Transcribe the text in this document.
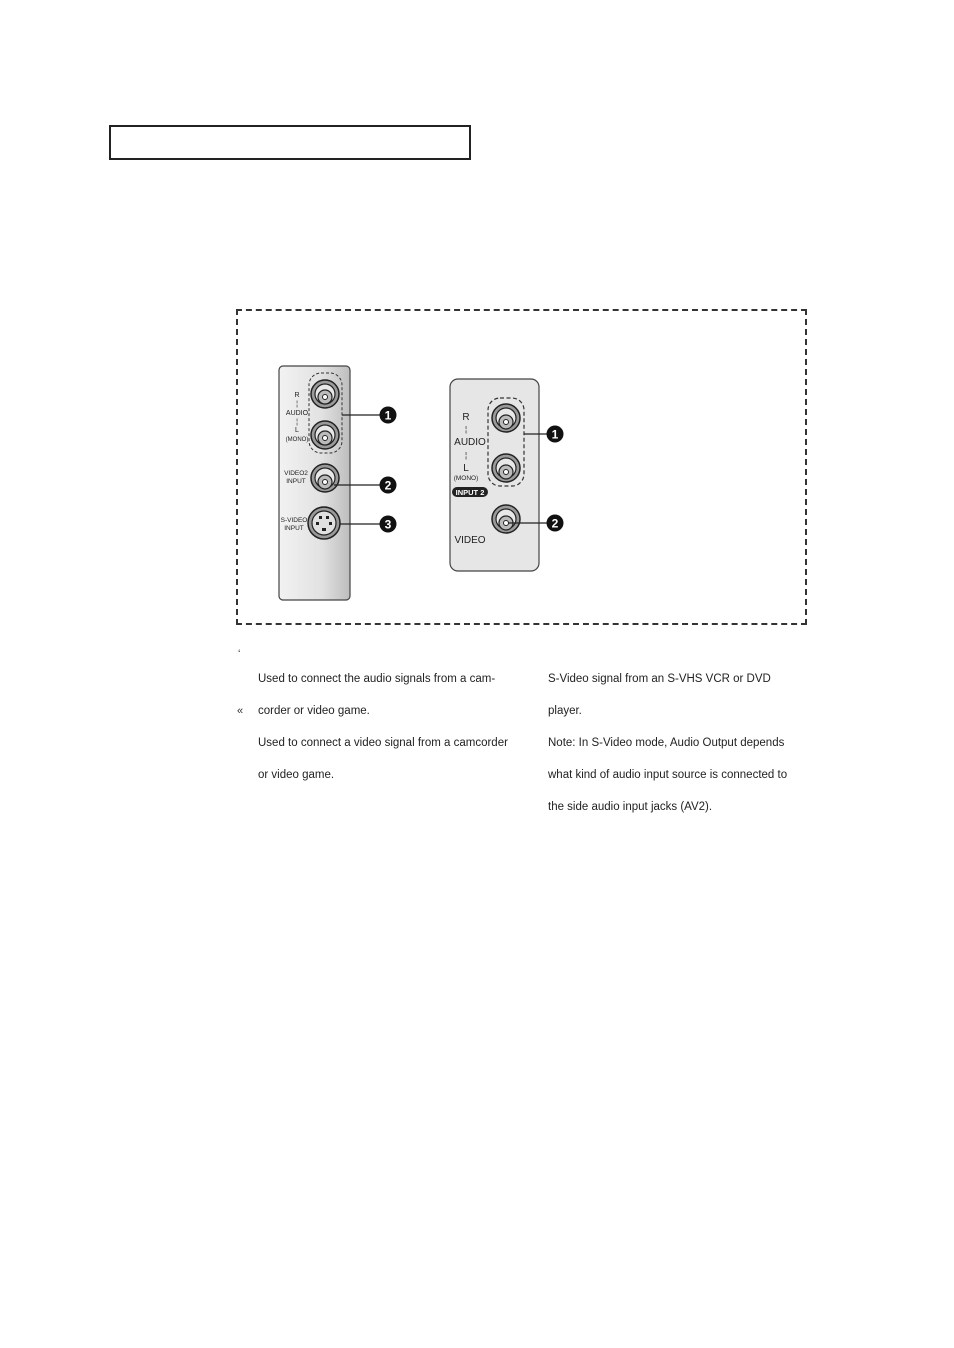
R
¦
AUDIO
¦
L
(MONO)
VIDEO2
INPUT
S-VIDEO
INPUT
1
2
3
R
¦
AUDIO
¦
L
(MONO)
INPUT 2
VIDEO
1
2
‘

Used to connect the audio signals from a cam-

corder or video game.

«

Used to connect a video signal from a camcorder

or video game.

S-Video signal from an S-VHS VCR or DVD

player.

Note: In S-Video mode, Audio Output depends

what kind of audio input source is connected to

the side audio input jacks (AV2).
